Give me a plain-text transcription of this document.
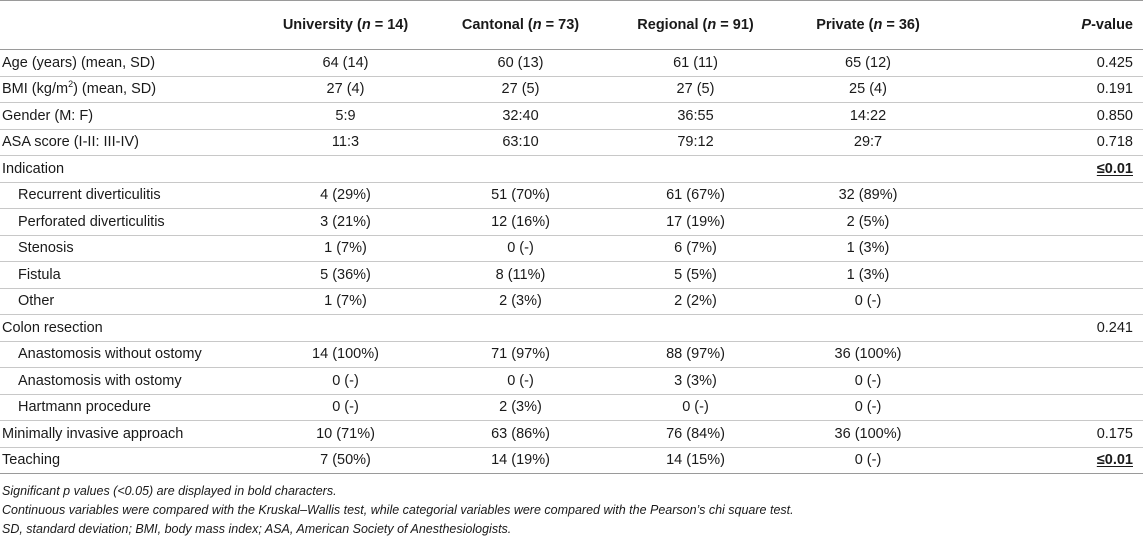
	University (n = 14)	Cantonal (n = 73)	Regional (n = 91)	Private (n = 36)	P-value
Age (years) (mean, SD)	64 (14)	60 (13)	61 (11)	65 (12)	0.425
BMI $(kg/m^2)$ (mean, SD)	27 (4)	27 (5)	27 (5)	25 (4)	0.191
Gender (M: F)	5:9	32:40	36:55	14:22	0.850
ASA score (I-II: III-IV)	11:3	63:10	79:12	29:7	0.718
Indication					≤0.01
Recurrent diverticulitis	4 (29%)	51 (70%)	61 (67%)	32 (89%)	
Perforated diverticulitis	3 (21%)	12 (16%)	17 (19%)	2 (5%)	
Stenosis	1 (7%)	0 (-)	6 (7%)	1 (3%)	
Fistula	5 (36%)	8 (11%)	5 (5%)	1 (3%)	
Other	1 (7%)	2 (3%)	2 (2%)	0 (-)	
Colon resection					0.241
Anastomosis without ostomy	14 (100%)	71 (97%)	88 (97%)	36 (100%)	
Anastomosis with ostomy	0 (-)	0 (-)	3 (3%)	0 (-)	
Hartmann procedure	0 (-)	2 (3%)	0 (-)	0 (-)	
Minimally invasive approach	10 (71%)	63 (86%)	76 (84%)	36 (100%)	0.175
Teaching	7 (50%)	14 (19%)	14 (15%)	0 (-)	≤0.01
Significant p values (<0.05) are displayed in bold characters.
Continuous variables were compared with the Kruskal–Wallis test, while categorial variables were compared with the Pearson’s chi square test.
SD, standard deviation; BMI, body mass index; ASA, American Society of Anesthesiologists.
